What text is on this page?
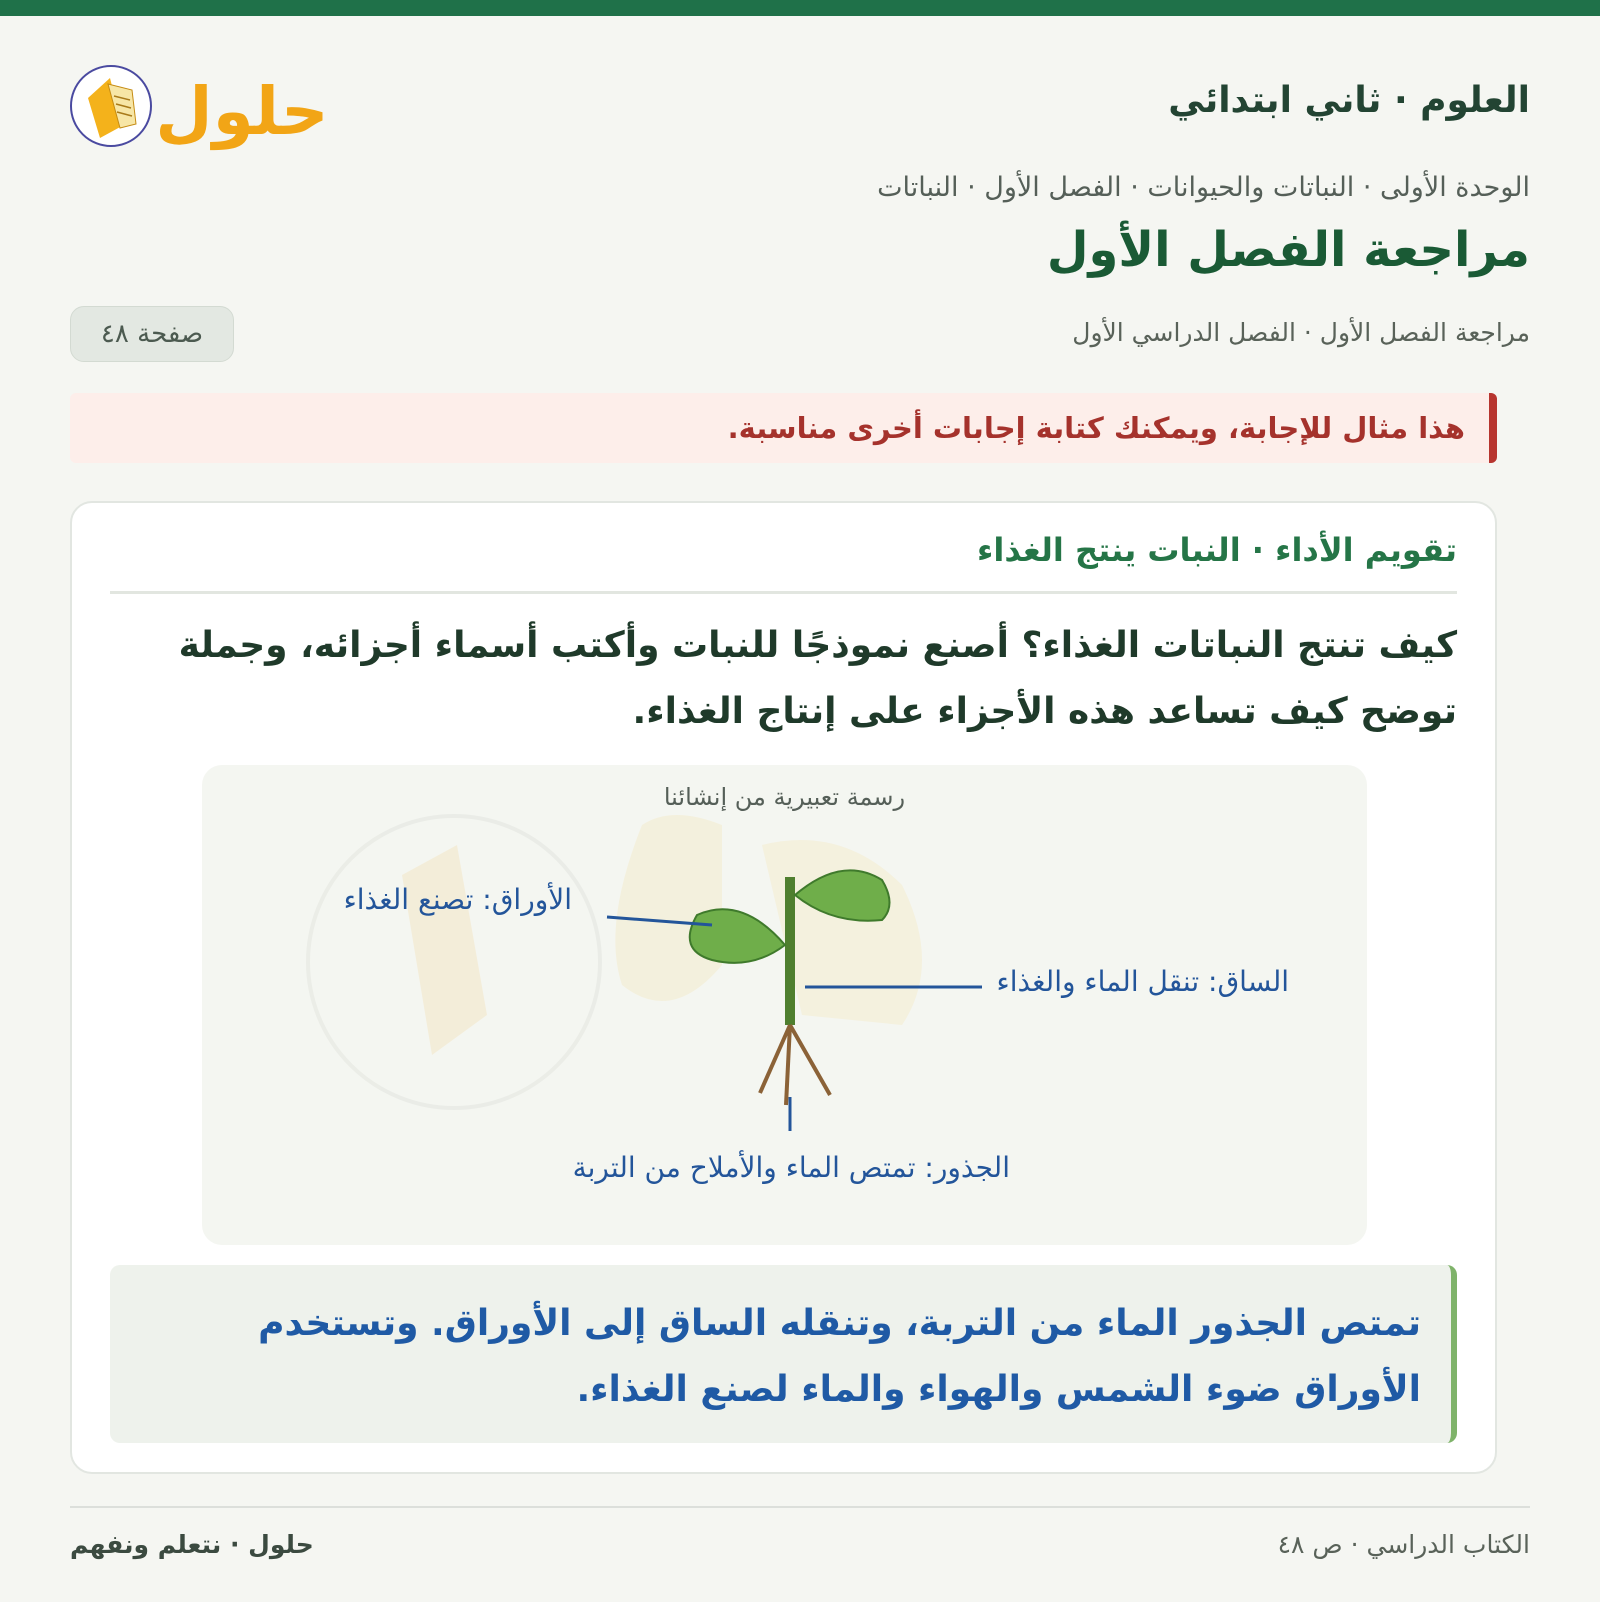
العلوم · ثاني ابتدائي
حلول
الوحدة الأولى · النباتات والحيوانات · الفصل الأول · النباتات
مراجعة الفصل الأول
مراجعة الفصل الأول · الفصل الدراسي الأول
صفحة ٤٨
هذا مثال للإجابة، ويمكنك كتابة إجابات أخرى مناسبة.
تقويم الأداء · النبات ينتج الغذاء

كيف تنتج النباتات الغذاء؟ أصنع نموذجًا للنبات وأكتب أسماء أجزائه، وجملة توضح كيف تساعد هذه الأجزاء على إنتاج الغذاء.

رسمة تعبيرية من إنشائنا
الأوراق: تصنع الغذاء
الساق: تنقل الماء والغذاء
الجذور: تمتص الماء والأملاح من التربة
تمتص الجذور الماء من التربة، وتنقله الساق إلى الأوراق. وتستخدم الأوراق ضوء الشمس والهواء والماء لصنع الغذاء.
الكتاب الدراسي · ص ٤٨
حلول · نتعلم ونفهم
